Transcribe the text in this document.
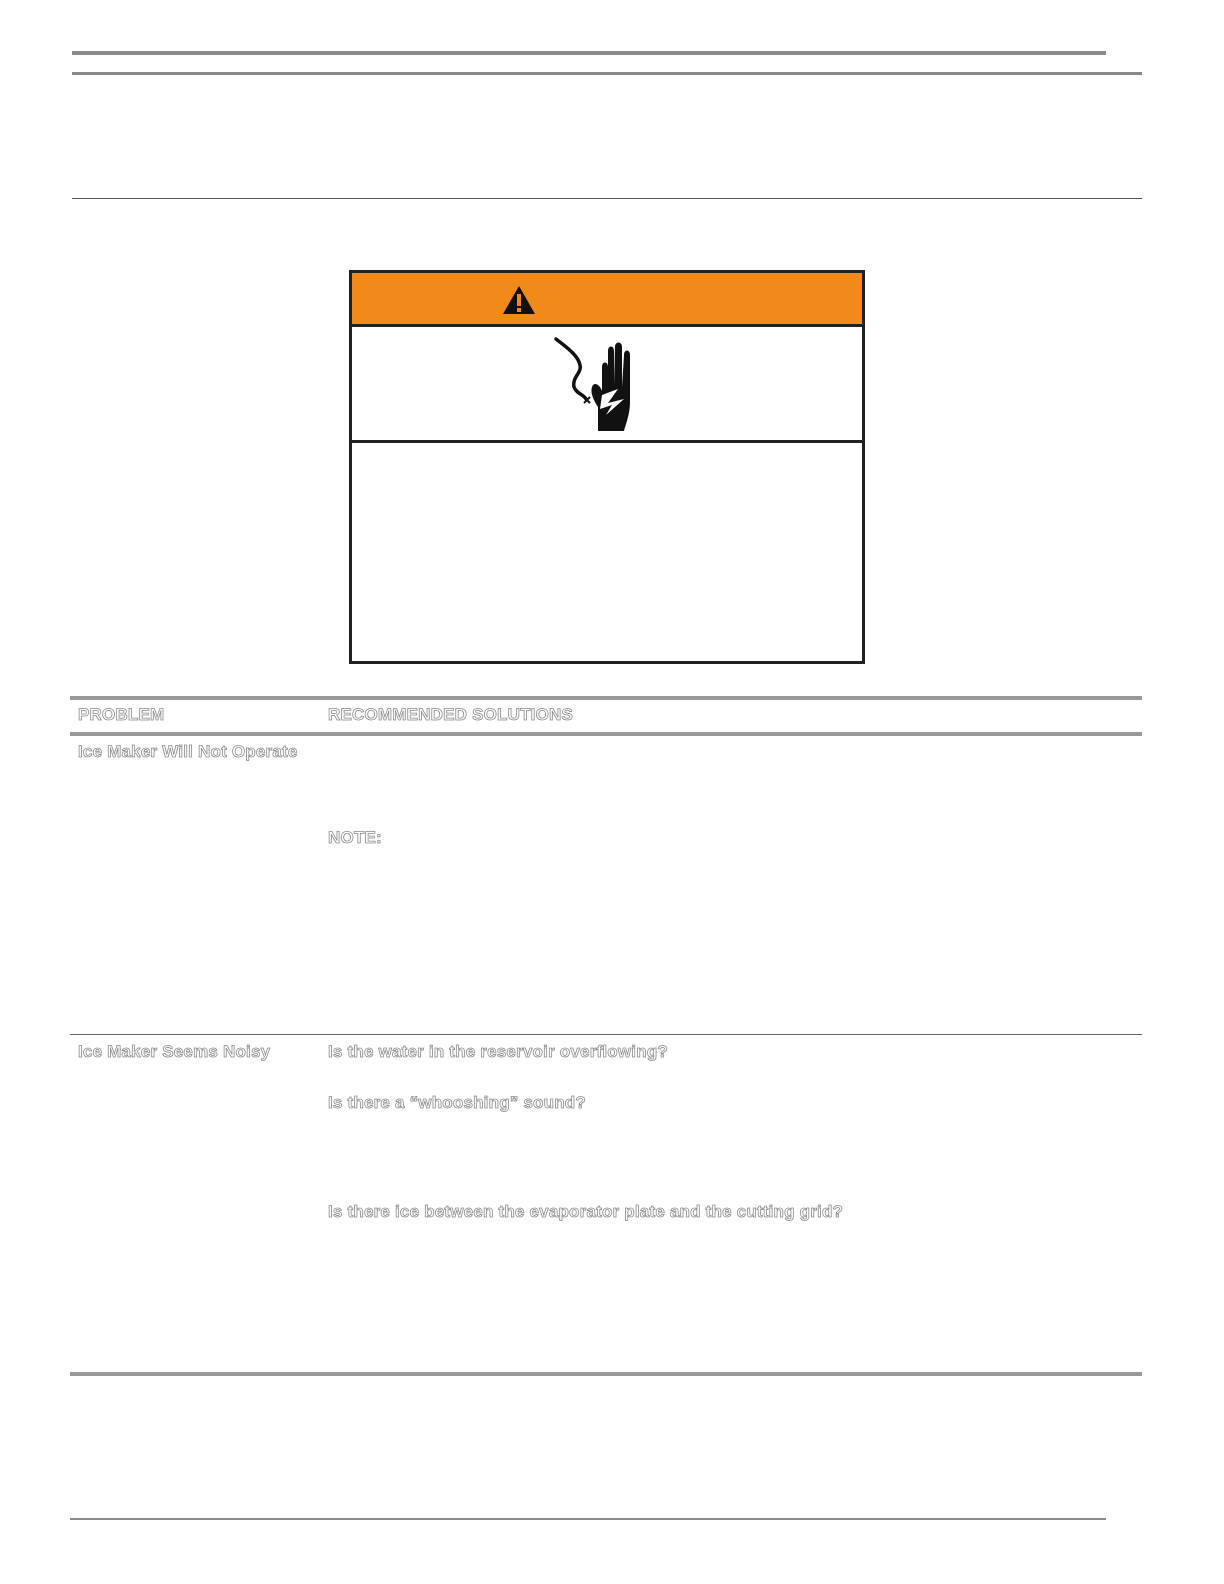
PROBLEM	RECOMMENDED SOLUTIONS
Ice Maker Will Not Operate
NOTE:
Ice Maker Seems Noisy	Is the water in the reservoir overflowing?
Is there a “whooshing” sound?
Is there ice between the evaporator plate and the cutting grid?
